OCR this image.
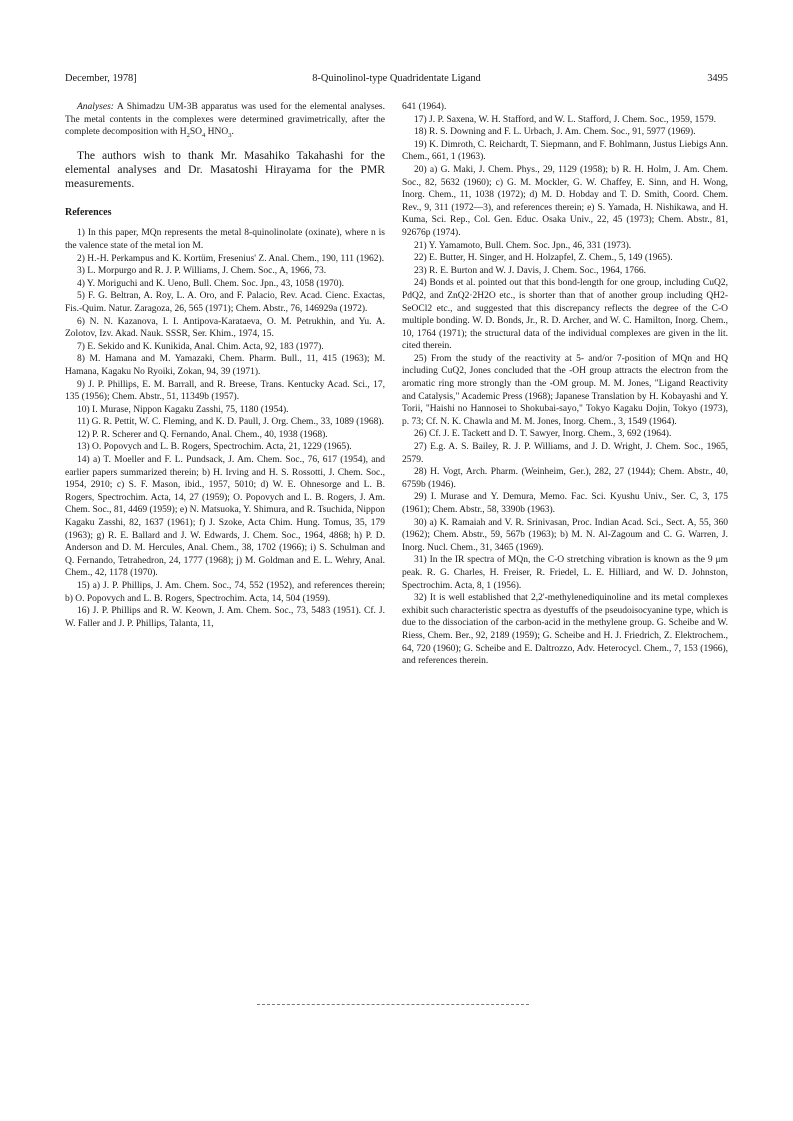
December, 1978]	8-Quinolinol-type Quadridentate Ligand	3495

Analyses: A Shimadzu UM-3B apparatus was used for the elemental analyses. The metal contents in the complexes were determined gravimetrically, after the complete decomposition with $H_2SO_4$ $HNO_3$.

The authors wish to thank Mr. Masahiko Takahashi for the elemental analyses and Dr. Masatoshi Hirayama for the PMR measurements.

References

1) In this paper, MQn represents the metal 8-quinolinolate (oxinate), where n is the valence state of the metal ion M.

2) H.-H. Perkampus and K. Kortüm, Fresenius' Z. Anal. Chem., 190, 111 (1962).

3) L. Morpurgo and R. J. P. Williams, J. Chem. Soc., A, 1966, 73.

4) Y. Moriguchi and K. Ueno, Bull. Chem. Soc. Jpn., 43, 1058 (1970).

5) F. G. Beltran, A. Roy, L. A. Oro, and F. Palacio, Rev. Acad. Cienc. Exactas, Fis.-Quim. Natur. Zaragoza, 26, 565 (1971); Chem. Abstr., 76, 146929a (1972).

6) N. N. Kazanova, I. I. Antipova-Karataeva, O. M. Petrukhin, and Yu. A. Zolotov, Izv. Akad. Nauk. SSSR, Ser. Khim., 1974, 15.

7) E. Sekido and K. Kunikida, Anal. Chim. Acta, 92, 183 (1977).

8) M. Hamana and M. Yamazaki, Chem. Pharm. Bull., 11, 415 (1963); M. Hamana, Kagaku No Ryoiki, Zokan, 94, 39 (1971).

9) J. P. Phillips, E. M. Barrall, and R. Breese, Trans. Kentucky Acad. Sci., 17, 135 (1956); Chem. Abstr., 51, 11349b (1957).

10) I. Murase, Nippon Kagaku Zasshi, 75, 1180 (1954).

11) G. R. Pettit, W. C. Fleming, and K. D. Paull, J. Org. Chem., 33, 1089 (1968).

12) P. R. Scherer and Q. Fernando, Anal. Chem., 40, 1938 (1968).

13) O. Popovych and L. B. Rogers, Spectrochim. Acta, 21, 1229 (1965).

14) a) T. Moeller and F. L. Pundsack, J. Am. Chem. Soc., 76, 617 (1954), and earlier papers summarized therein; b) H. Irving and H. S. Rossotti, J. Chem. Soc., 1954, 2910; c) S. F. Mason, ibid., 1957, 5010; d) W. E. Ohnesorge and L. B. Rogers, Spectrochim. Acta, 14, 27 (1959); O. Popovych and L. B. Rogers, J. Am. Chem. Soc., 81, 4469 (1959); e) N. Matsuoka, Y. Shimura, and R. Tsuchida, Nippon Kagaku Zasshi, 82, 1637 (1961); f) J. Szoke, Acta Chim. Hung. Tomus, 35, 179 (1963); g) R. E. Ballard and J. W. Edwards, J. Chem. Soc., 1964, 4868; h) P. D. Anderson and D. M. Hercules, Anal. Chem., 38, 1702 (1966); i) S. Schulman and Q. Fernando, Tetrahedron, 24, 1777 (1968); j) M. Goldman and E. L. Wehry, Anal. Chem., 42, 1178 (1970).

15) a) J. P. Phillips, J. Am. Chem. Soc., 74, 552 (1952), and references therein; b) O. Popovych and L. B. Rogers, Spectrochim. Acta, 14, 504 (1959).

16) J. P. Phillips and R. W. Keown, J. Am. Chem. Soc., 73, 5483 (1951). Cf. J. W. Faller and J. P. Phillips, Talanta, 11,

641 (1964).

17) J. P. Saxena, W. H. Stafford, and W. L. Stafford, J. Chem. Soc., 1959, 1579.

18) R. S. Downing and F. L. Urbach, J. Am. Chem. Soc., 91, 5977 (1969).

19) K. Dimroth, C. Reichardt, T. Siepmann, and F. Bohlmann, Justus Liebigs Ann. Chem., 661, 1 (1963).

20) a) G. Maki, J. Chem. Phys., 29, 1129 (1958); b) R. H. Holm, J. Am. Chem. Soc., 82, 5632 (1960); c) G. M. Mockler, G. W. Chaffey, E. Sinn, and H. Wong, Inorg. Chem., 11, 1038 (1972); d) M. D. Hobday and T. D. Smith, Coord. Chem. Rev., 9, 311 (1972—3), and references therein; e) S. Yamada, H. Nishikawa, and H. Kuma, Sci. Rep., Col. Gen. Educ. Osaka Univ., 22, 45 (1973); Chem. Abstr., 81, 92676p (1974).

21) Y. Yamamoto, Bull. Chem. Soc. Jpn., 46, 331 (1973).

22) E. Butter, H. Singer, and H. Holzapfel, Z. Chem., 5, 149 (1965).

23) R. E. Burton and W. J. Davis, J. Chem. Soc., 1964, 1766.

24) Bonds et al. pointed out that this bond-length for one group, including CuQ2, PdQ2, and ZnQ2·2H2O etc., is shorter than that of another group including QH2-SeOCl2 etc., and suggested that this discrepancy reflects the degree of the C-O multiple bonding. W. D. Bonds, Jr., R. D. Archer, and W. C. Hamilton, Inorg. Chem., 10, 1764 (1971); the structural data of the individual complexes are given in the lit. cited therein.

25) From the study of the reactivity at 5- and/or 7-position of MQn and HQ including CuQ2, Jones concluded that the -OH group attracts the electron from the aromatic ring more strongly than the -OM group. M. M. Jones, "Ligand Reactivity and Catalysis," Academic Press (1968); Japanese Translation by H. Kobayashi and Y. Torii, "Haishi no Hannosei to Shokubai-sayo," Tokyo Kagaku Dojin, Tokyo (1973), p. 73; Cf. N. K. Chawla and M. M. Jones, Inorg. Chem., 3, 1549 (1964).

26) Cf. J. E. Tackett and D. T. Sawyer, Inorg. Chem., 3, 692 (1964).

27) E.g. A. S. Bailey, R. J. P. Williams, and J. D. Wright, J. Chem. Soc., 1965, 2579.

28) H. Vogt, Arch. Pharm. (Weinheim, Ger.), 282, 27 (1944); Chem. Abstr., 40, 6759b (1946).

29) I. Murase and Y. Demura, Memo. Fac. Sci. Kyushu Univ., Ser. C, 3, 175 (1961); Chem. Abstr., 58, 3390b (1963).

30) a) K. Ramaiah and V. R. Srinivasan, Proc. Indian Acad. Sci., Sect. A, 55, 360 (1962); Chem. Abstr., 59, 567b (1963); b) M. N. Al-Zagoum and C. G. Warren, J. Inorg. Nucl. Chem., 31, 3465 (1969).

31) In the IR spectra of MQn, the C-O stretching vibration is known as the 9 μm peak. R. G. Charles, H. Freiser, R. Friedel, L. E. Hilliard, and W. D. Johnston, Spectrochim. Acta, 8, 1 (1956).

32) It is well established that 2,2'-methylenediquinoline and its metal complexes exhibit such characteristic spectra as dyestuffs of the pseudoisocyanine type, which is due to the dissociation of the carbon-acid in the methylene group. G. Scheibe and W. Riess, Chem. Ber., 92, 2189 (1959); G. Scheibe and H. J. Friedrich, Z. Elektrochem., 64, 720 (1960); G. Scheibe and E. Daltrozzo, Adv. Heterocycl. Chem., 7, 153 (1966), and references therein.
